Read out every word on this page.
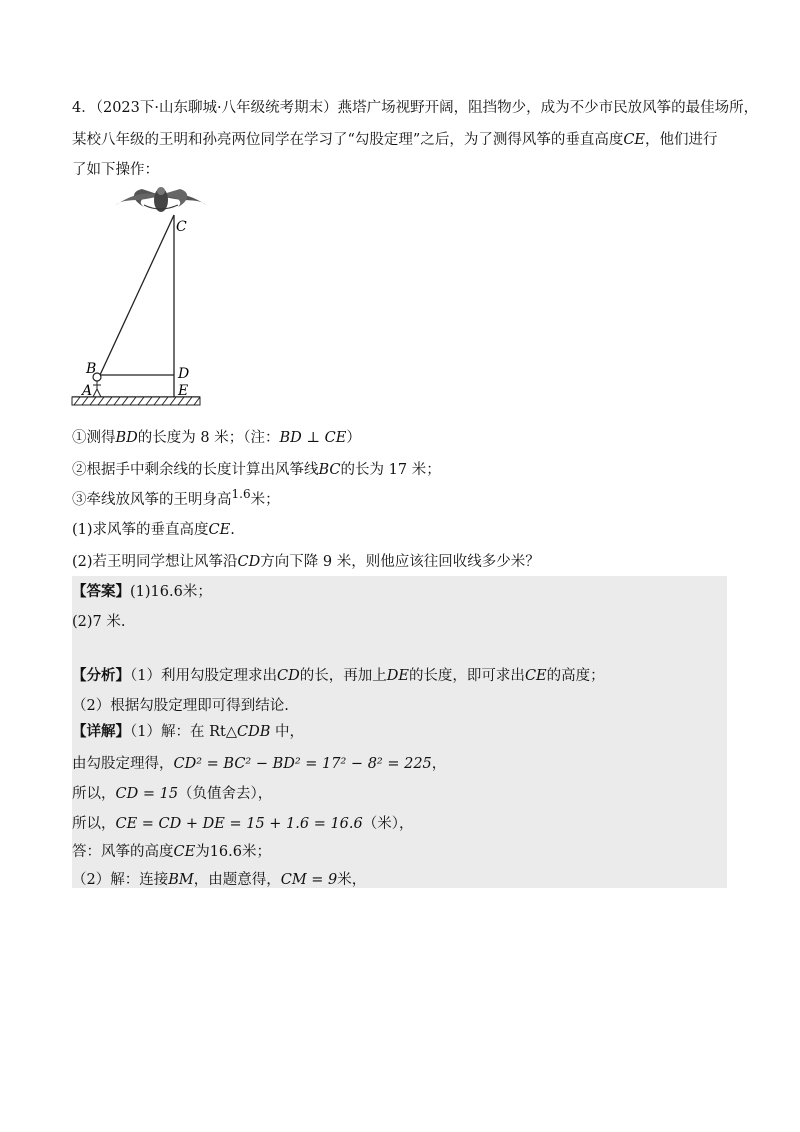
4．（2023下·山东聊城·八年级统考期末）燕塔广场视野开阔，阻挡物少，成为不少市民放风筝的最佳场所，
某校八年级的王明和孙亮两位同学在学习了“勾股定理”之后，为了测得风筝的垂直高度CE，他们进行
了如下操作：
C
B	D
A	E
①测得BD的长度为 8 米；（注：BD ⊥ CE）
②根据手中剩余线的长度计算出风筝线BC的长为 17 米；
③牵线放风筝的王明身高$^{1.6}$米；
(1)求风筝的垂直高度CE.
(2)若王明同学想让风筝沿CD方向下降 9 米，则他应该往回收线多少米？
【答案】(1)16.6米；
(2)7 米.
【分析】（1）利用勾股定理求出CD的长，再加上DE的长度，即可求出CE的高度；
（2）根据勾股定理即可得到结论.
【详解】（1）解：在 Rt△CDB 中，
由勾股定理得，CD² = BC² − BD² = 17² − 8² = 225，
所以，CD = 15（负值舍去），
所以，CE = CD + DE = 15 + 1.6 = 16.6（米），
答：风筝的高度CE为16.6米；
（2）解：连接BM，由题意得，CM = 9米，
